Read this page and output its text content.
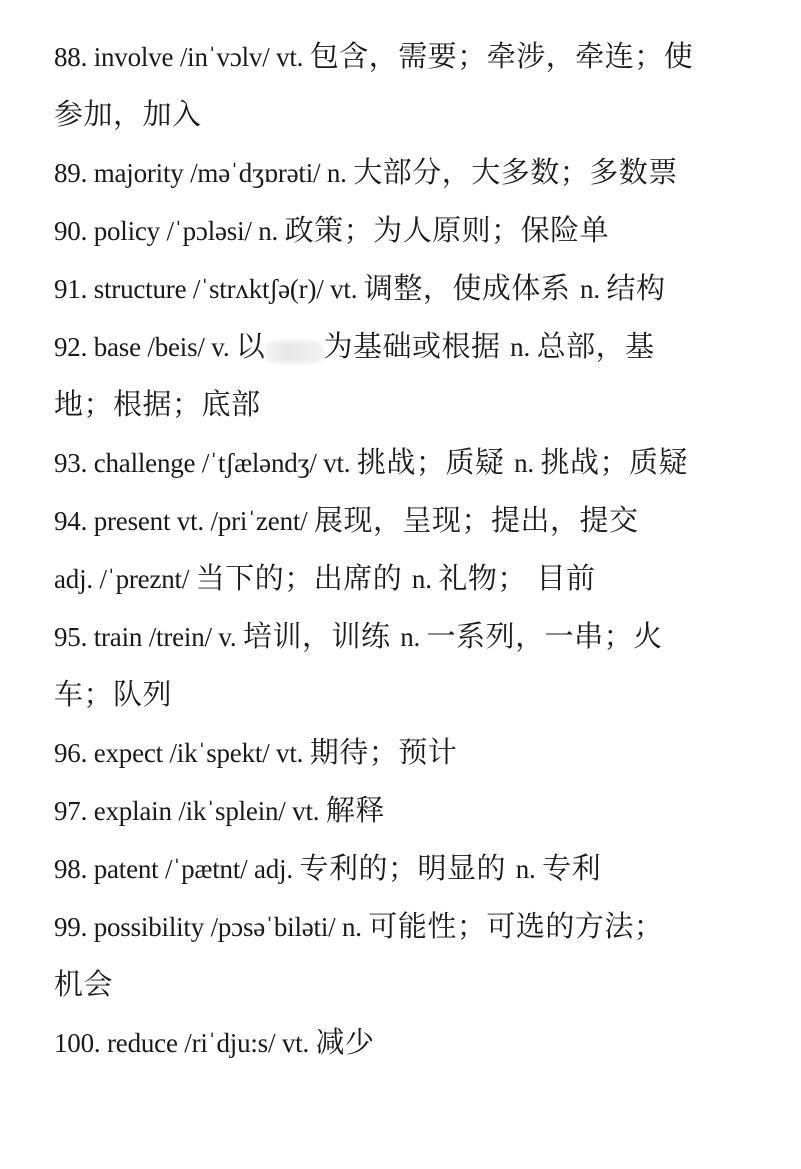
88. involve /inˈvɔlv/ vt. 包含，需要；牵涉，牵连；使
参加，加入
89. majority /məˈdʒɒrəti/ n. 大部分，大多数；多数票
90. policy /ˈpɔləsi/ n. 政策；为人原则；保险单
91. structure /ˈstrʌktʃə(r)/ vt. 调整，使成体系 n. 结构
92. base /beis/ v. 以 为基础或根据 n. 总部，基
地；根据；底部
93. challenge /ˈtʃæləndʒ/ vt. 挑战；质疑 n. 挑战；质疑
94. present vt. /priˈzent/ 展现，呈现；提出，提交
adj. /ˈpreznt/ 当下的；出席的 n. 礼物； 目前
95. train /trein/ v. 培训，训练 n. 一系列，一串；火
车；队列
96. expect /ikˈspekt/ vt. 期待；预计
97. explain /ikˈsplein/ vt. 解释
98. patent /ˈpætnt/ adj. 专利的；明显的 n. 专利
99. possibility /pɔsəˈbiləti/ n. 可能性；可选的方法；
机会
100. reduce /riˈdju:s/ vt. 减少
